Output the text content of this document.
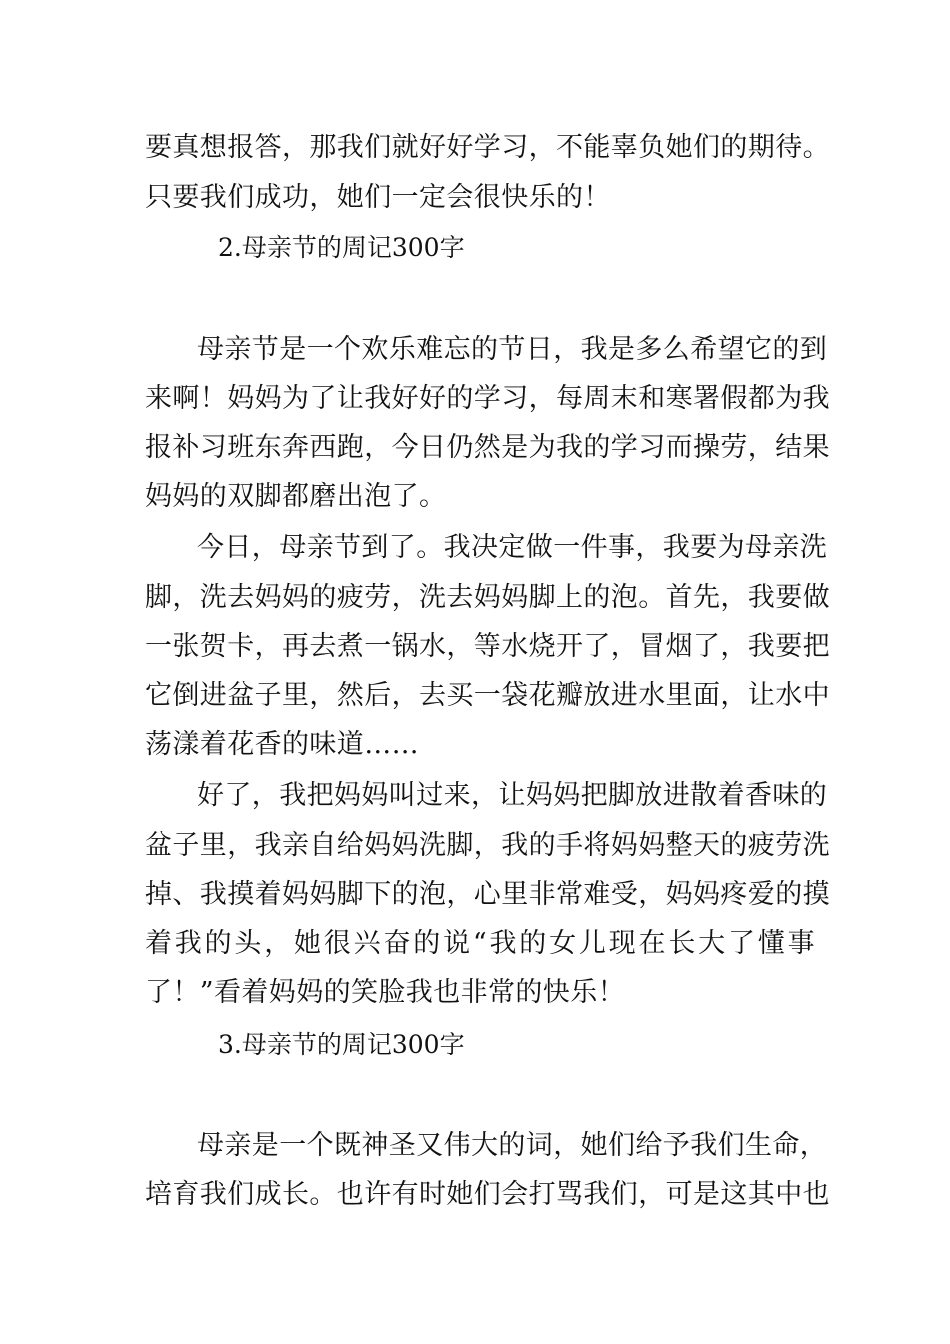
要真想报答，那我们就好好学习，不能辜负她们的期待。
只要我们成功，她们一定会很快乐的！
2.母亲节的周记300字
母亲节是一个欢乐难忘的节日，我是多么希望它的到
来啊！妈妈为了让我好好的学习，每周末和寒署假都为我
报补习班东奔西跑，今日仍然是为我的学习而操劳，结果
妈妈的双脚都磨出泡了。
今日，母亲节到了。我决定做一件事，我要为母亲洗
脚，洗去妈妈的疲劳，洗去妈妈脚上的泡。首先，我要做
一张贺卡，再去煮一锅水，等水烧开了，冒烟了，我要把
它倒进盆子里，然后，去买一袋花瓣放进水里面，让水中
荡漾着花香的味道……
好了，我把妈妈叫过来，让妈妈把脚放进散着香味的
盆子里，我亲自给妈妈洗脚，我的手将妈妈整天的疲劳洗
掉、我摸着妈妈脚下的泡，心里非常难受，妈妈疼爱的摸
着我的头，她很兴奋的说“我的女儿现在长大了懂事
了！”看着妈妈的笑脸我也非常的快乐！
3.母亲节的周记300字
母亲是一个既神圣又伟大的词，她们给予我们生命，
培育我们成长。也许有时她们会打骂我们，可是这其中也
